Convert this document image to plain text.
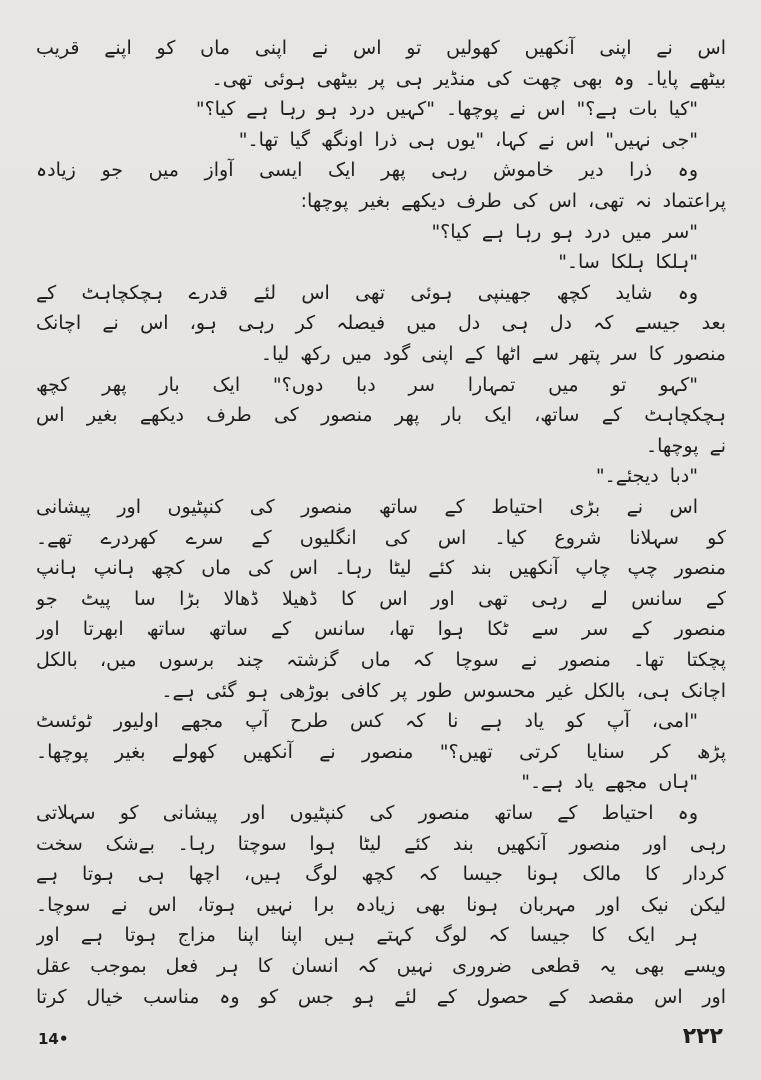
اس نے اپنی آنکھیں کھولیں تو اس نے اپنی ماں کو اپنے قریب
بیٹھے پایا۔ وہ بھی چھت کی منڈیر ہی پر بیٹھی ہوئی تھی۔
"کیا بات ہے؟" اس نے پوچھا۔ "کہیں درد ہو رہا ہے کیا؟"
"جی نہیں" اس نے کہا، "یوں ہی ذرا اونگھ گیا تھا۔"
وہ ذرا دیر خاموش رہی پھر ایک ایسی آواز میں جو زیادہ
پراعتماد نہ تھی، اس کی طرف دیکھے بغیر پوچھا:
"سر میں درد ہو رہا ہے کیا؟"
"ہلکا ہلکا سا۔"
وہ شاید کچھ جھینپی ہوئی تھی اس لئے قدرے ہچکچاہٹ کے
بعد جیسے کہ دل ہی دل میں فیصلہ کر رہی ہو، اس نے اچانک
منصور کا سر پتھر سے اٹھا کے اپنی گود میں رکھ لیا۔
"کہو تو میں تمہارا سر دبا دوں؟" ایک بار پھر کچھ
ہچکچاہٹ کے ساتھ، ایک بار پھر منصور کی طرف دیکھے بغیر اس
نے پوچھا۔
"دبا دیجئے۔"
اس نے بڑی احتیاط کے ساتھ منصور کی کنپٹیوں اور پیشانی
کو سہلانا شروع کیا۔ اس کی انگلیوں کے سرے کھردرے تھے۔
منصور چپ چاپ آنکھیں بند کئے لیٹا رہا۔ اس کی ماں کچھ ہانپ ہانپ
کے سانس لے رہی تھی اور اس کا ڈھیلا ڈھالا بڑا سا پیٹ جو
منصور کے سر سے ٹکا ہوا تھا، سانس کے ساتھ ساتھ ابھرتا اور
پچکتا تھا۔ منصور نے سوچا کہ ماں گزشتہ چند برسوں میں، بالکل
اچانک ہی، بالکل غیر محسوس طور پر کافی بوڑھی ہو گئی ہے۔
"امی، آپ کو یاد ہے نا کہ کس طرح آپ مجھے اولیور ٹوئسٹ
پڑھ کر سنایا کرتی تھیں؟" منصور نے آنکھیں کھولے بغیر پوچھا۔
"ہاں مجھے یاد ہے۔"
وہ احتیاط کے ساتھ منصور کی کنپٹیوں اور پیشانی کو سہلاتی
رہی اور منصور آنکھیں بند کئے لیٹا ہوا سوچتا رہا۔ بےشک سخت
کردار کا مالک ہونا جیسا کہ کچھ لوگ ہیں، اچھا ہی ہوتا ہے
لیکن نیک اور مہربان ہونا بھی زیادہ برا نہیں ہوتا، اس نے سوچا۔
ہر ایک کا جیسا کہ لوگ کہتے ہیں اپنا اپنا مزاج ہوتا ہے اور
ویسے بھی یہ قطعی ضروری نہیں کہ انسان کا ہر فعل بموجب عقل
اور اس مقصد کے حصول کے لئے ہو جس کو وہ مناسب خیال کرتا
14•	۲۲۲
